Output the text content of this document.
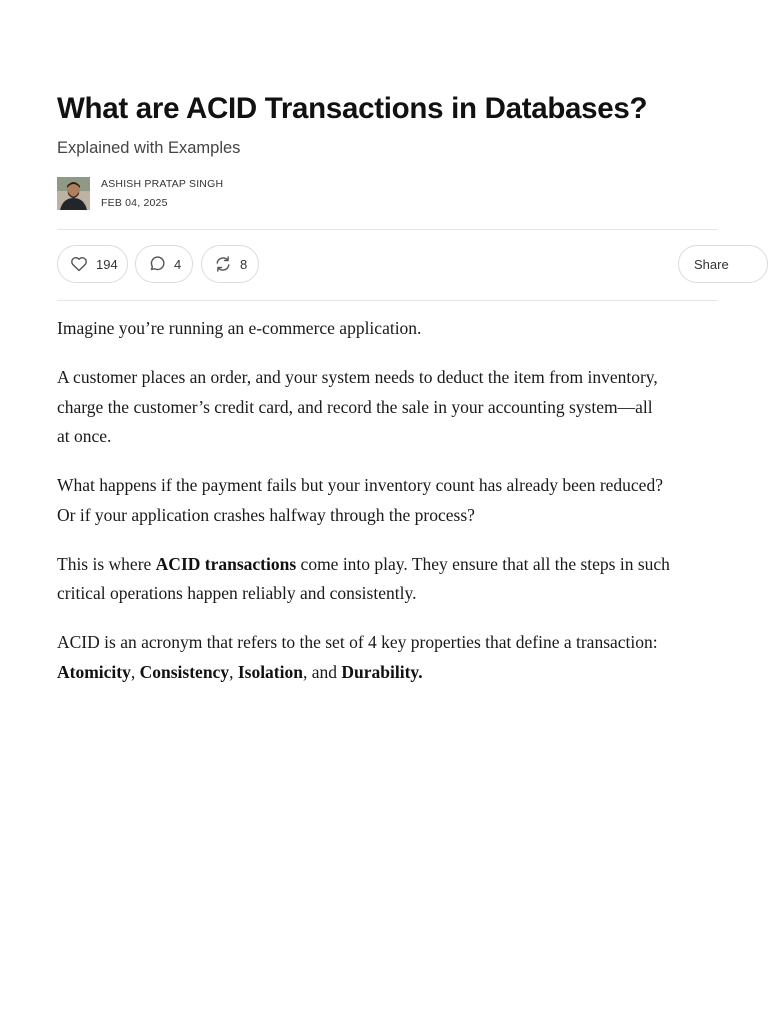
What are ACID Transactions in Databases?
Explained with Examples
ASHISH PRATAP SINGH
FEB 04, 2025
194	4	8	Share

Imagine you’re running an e-commerce application.

A customer places an order, and your system needs to deduct the item from inventory,
charge the customer’s credit card, and record the sale in your accounting system—all
at once.

What happens if the payment fails but your inventory count has already been reduced?
Or if your application crashes halfway through the process?

This is where ACID transactions come into play. They ensure that all the steps in such
critical operations happen reliably and consistently.

ACID is an acronym that refers to the set of 4 key properties that define a transaction:
Atomicity, Consistency, Isolation, and Durability.
